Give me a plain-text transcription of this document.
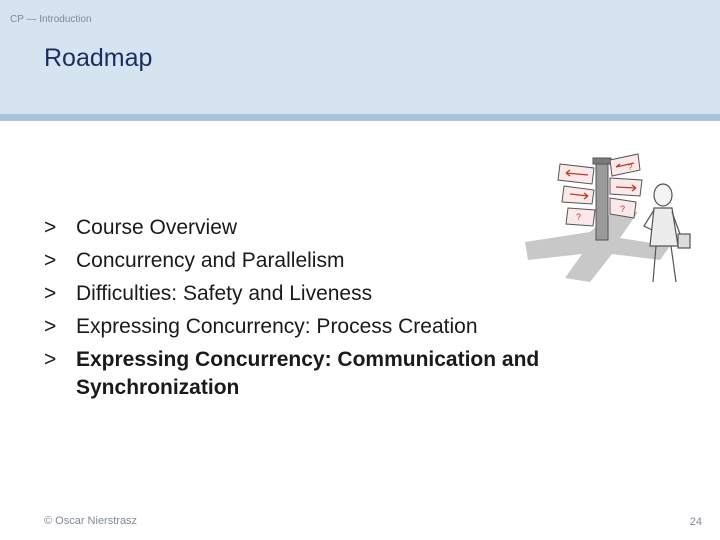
CP — Introduction
Roadmap
> Course Overview
> Concurrency and Parallelism
> Difficulties: Safety and Liveness
> Expressing Concurrency: Process Creation
> Expressing Concurrency: Communication and Synchronization
?
?
?
© Oscar Nierstrasz	24
